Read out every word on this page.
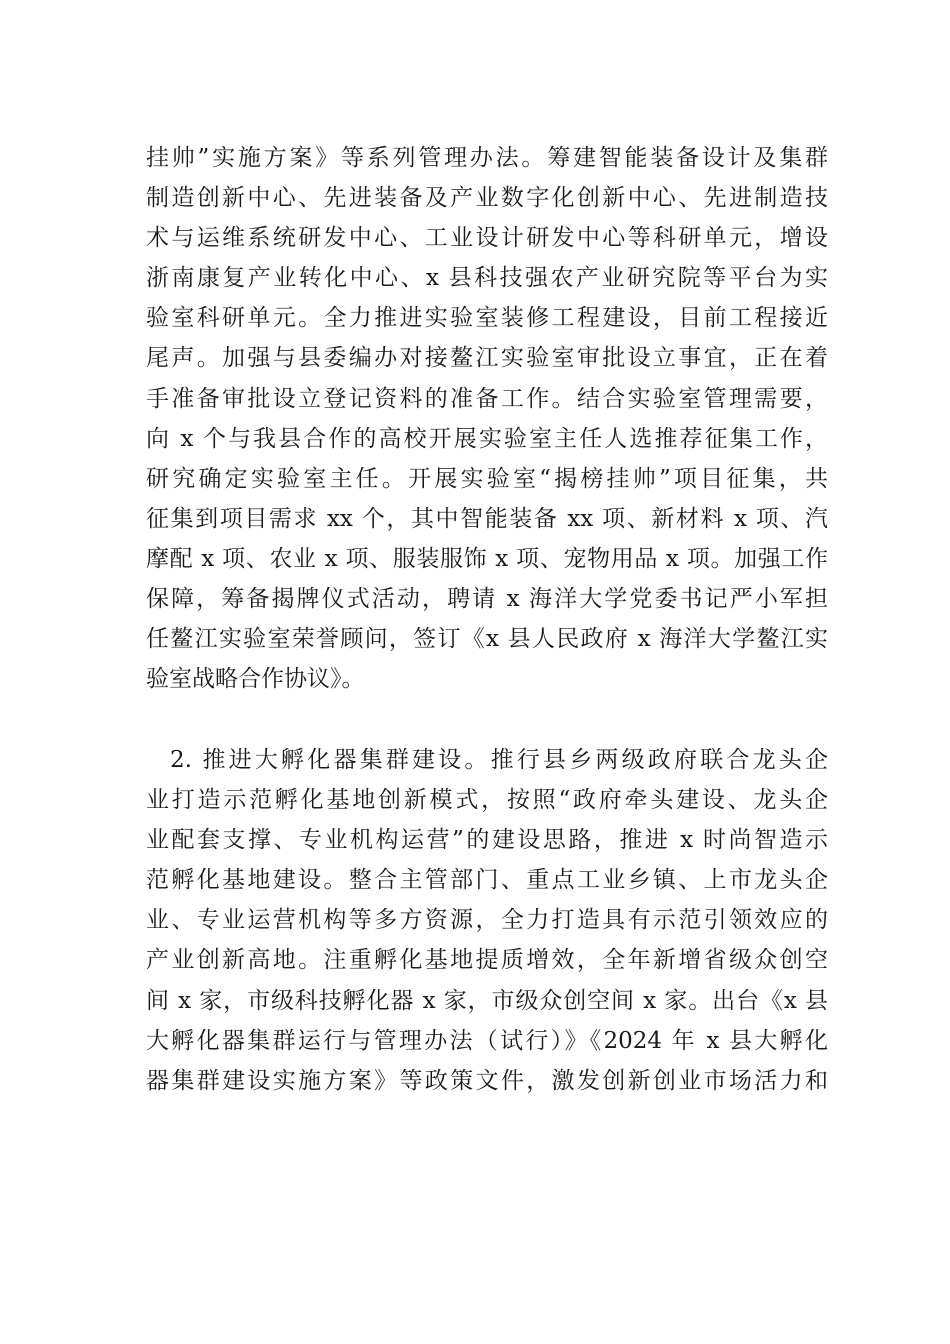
挂帅”实施方案》等系列管理办法。筹建智能装备设计及集群
制造创新中心、先进装备及产业数字化创新中心、先进制造技
术与运维系统研发中心、工业设计研发中心等科研单元，增设
浙南康复产业转化中心、x 县科技强农产业研究院等平台为实
验室科研单元。全力推进实验室装修工程建设，目前工程接近
尾声。加强与县委编办对接鳌江实验室审批设立事宜，正在着
手准备审批设立登记资料的准备工作。结合实验室管理需要，
向 x 个与我县合作的高校开展实验室主任人选推荐征集工作，
研究确定实验室主任。开展实验室“揭榜挂帅”项目征集，共
征集到项目需求 xx 个，其中智能装备 xx 项、新材料 x 项、汽
摩配 x 项、农业 x 项、服装服饰 x 项、宠物用品 x 项。加强工作
保障，筹备揭牌仪式活动，聘请 x 海洋大学党委书记严小军担
任鳌江实验室荣誉顾问，签订《x 县人民政府 x 海洋大学鳌江实
验室战略合作协议》。
2. 推进大孵化器集群建设。推行县乡两级政府联合龙头企
业打造示范孵化基地创新模式，按照“政府牵头建设、龙头企
业配套支撑、专业机构运营”的建设思路，推进 x 时尚智造示
范孵化基地建设。整合主管部门、重点工业乡镇、上市龙头企
业、专业运营机构等多方资源，全力打造具有示范引领效应的
产业创新高地。注重孵化基地提质增效，全年新增省级众创空
间 x 家，市级科技孵化器 x 家，市级众创空间 x 家。出台《x 县
大孵化器集群运行与管理办法（试行）》《2024 年 x 县大孵化
器集群建设实施方案》等政策文件，激发创新创业市场活力和
